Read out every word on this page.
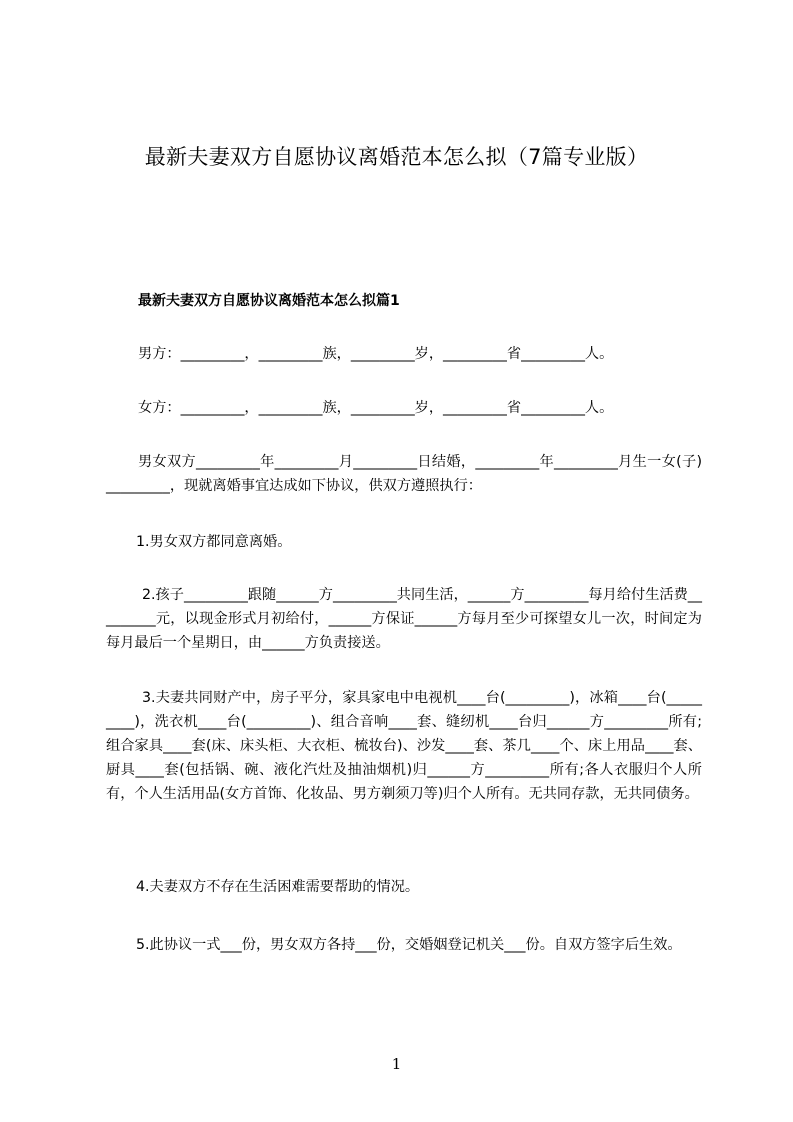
最新夫妻双方自愿协议离婚范本怎么拟（7篇专业版）
最新夫妻双方自愿协议离婚范本怎么拟篇1
男方：_________，_________族，_________岁，_________省_________人。
女方：_________，_________族，_________岁，_________省_________人。
男女双方_________年_________月_________日结婚，_________年_________月生一女(子)_________，现就离婚事宜达成如下协议，供双方遵照执行：
1.男女双方都同意离婚。
2.孩子_________跟随______方_________共同生活，______方_________每月给付生活费_________元，以现金形式月初给付，______方保证______方每月至少可探望女儿一次，时间定为每月最后一个星期日，由______方负责接送。
3.夫妻共同财产中，房子平分，家具家电中电视机____台(_________)，冰箱____台(_________)，洗衣机____台(_________)、组合音响____套、缝纫机____台归______方_________所有;组合家具____套(床、床头柜、大衣柜、梳妆台)、沙发____套、茶几____个、床上用品____套、厨具____套(包括锅、碗、液化汽灶及抽油烟机)归______方_________所有;各人衣服归个人所有，个人生活用品(女方首饰、化妆品、男方剃须刀等)归个人所有。无共同存款，无共同债务。
4.夫妻双方不存在生活困难需要帮助的情况。
5.此协议一式___份，男女双方各持___份，交婚姻登记机关___份。自双方签字后生效。
1
